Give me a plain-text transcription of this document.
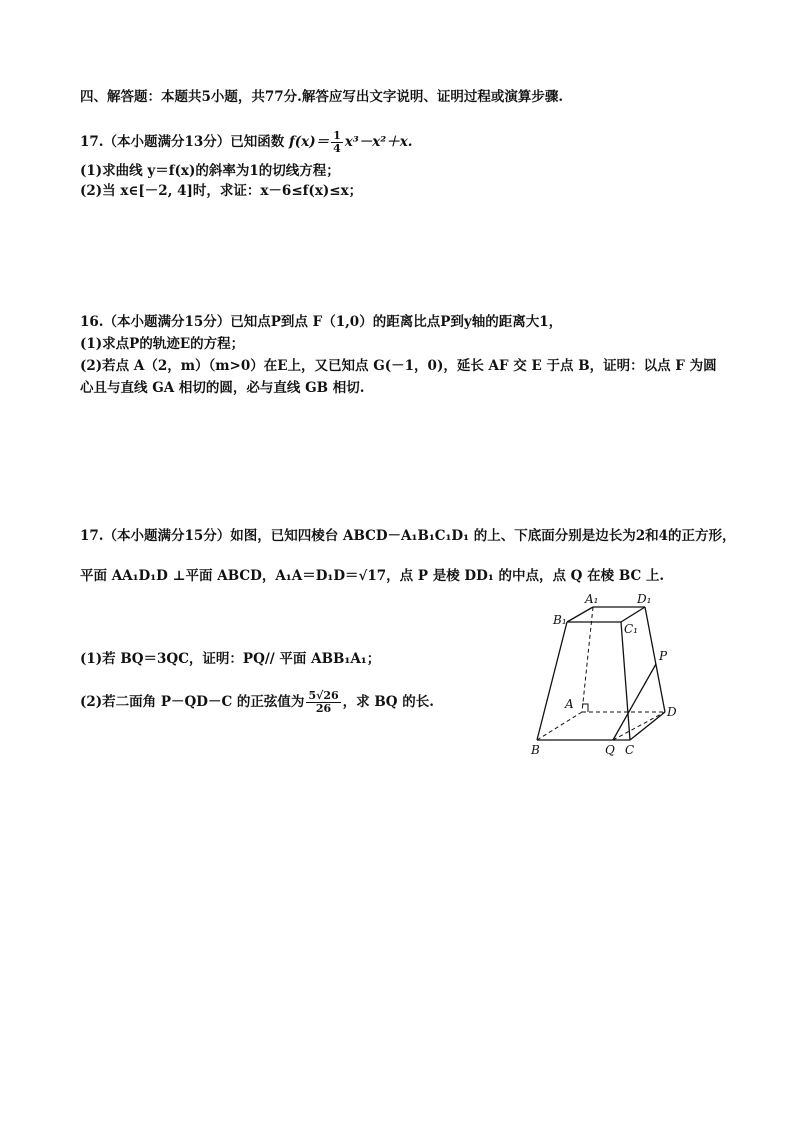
四、解答题：本题共5小题，共77分.解答应写出文字说明、证明过程或演算步骤.
17.（本小题满分13分）已知函数 $f(x)= \frac{1}{4} x^3-x^2+x$.
(1)求曲线 y＝f(x)的斜率为1的切线方程；
(2)当 x∈[－2, 4]时，求证：x－6≤f(x)≤x；
16.（本小题满分15分）已知点P到点 F（1,0）的距离比点P到y轴的距离大1，
(1)求点P的轨迹E的方程；
(2)若点 A（2，m）（m>0）在E上，又已知点 G(－1，0)，延长 AF 交 E 于点 B，证明：以点 F 为圆
心且与直线 GA 相切的圆，必与直线 GB 相切.
17.（本小题满分15分）如图，已知四棱台 ABCD－A₁B₁C₁D₁ 的上、下底面分别是边长为2和4的正方形，
平面 AA₁D₁D ⊥平面 ABCD，A₁A＝D₁D＝√17，点 P 是棱 DD₁ 的中点，点 Q 在棱 BC 上.
(1)若 BQ＝3QC，证明：PQ// 平面 ABB₁A₁；
(2)若二面角 P－QD－C 的正弦值为 $\frac{5√26}{26}$ ，求 BQ 的长.
A₁	D₁
B₁
C₁
P
A
D
B	Q C
